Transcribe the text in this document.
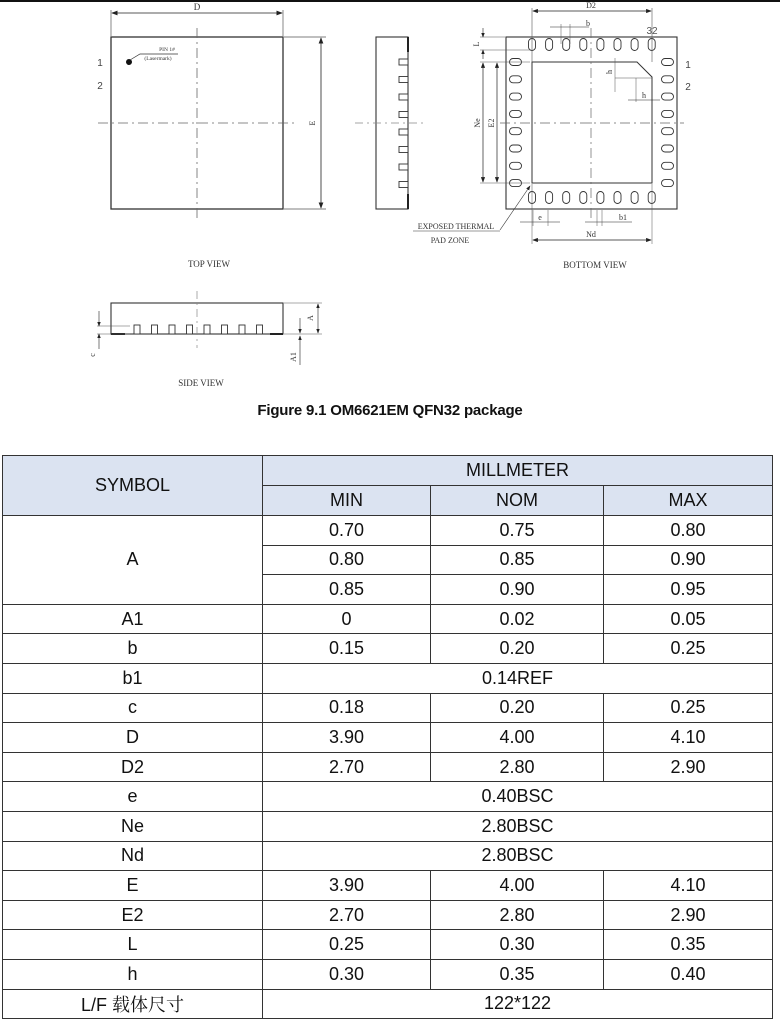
D
E
PIN 1#
(Lasermark)
1
2
TOP VIEW
D2
b
32
L
Ne E2
h
h
1
2
e	b1
Nd
EXPOSED THERMAL
PAD ZONE
BOTTOM VIEW
c
A
A1
SIDE VIEW
Figure 9.1 OM6621EM QFN32 package
SYMBOL	MILLMETER		
	MIN	NOM	MAX
A	0.70	0.75	0.80
	0.80	0.85	0.90
	0.85	0.90	0.95
A1	0	0.02	0.05
b	0.15	0.20	0.25
b1	0.14REF		
c	0.18	0.20	0.25
D	3.90	4.00	4.10
D2	2.70	2.80	2.90
e	0.40BSC		
Ne	2.80BSC		
Nd	2.80BSC		
E	3.90	4.00	4.10
E2	2.70	2.80	2.90
L	0.25	0.30	0.35
h	0.30	0.35	0.40
L/F 载体尺寸	122*122		
